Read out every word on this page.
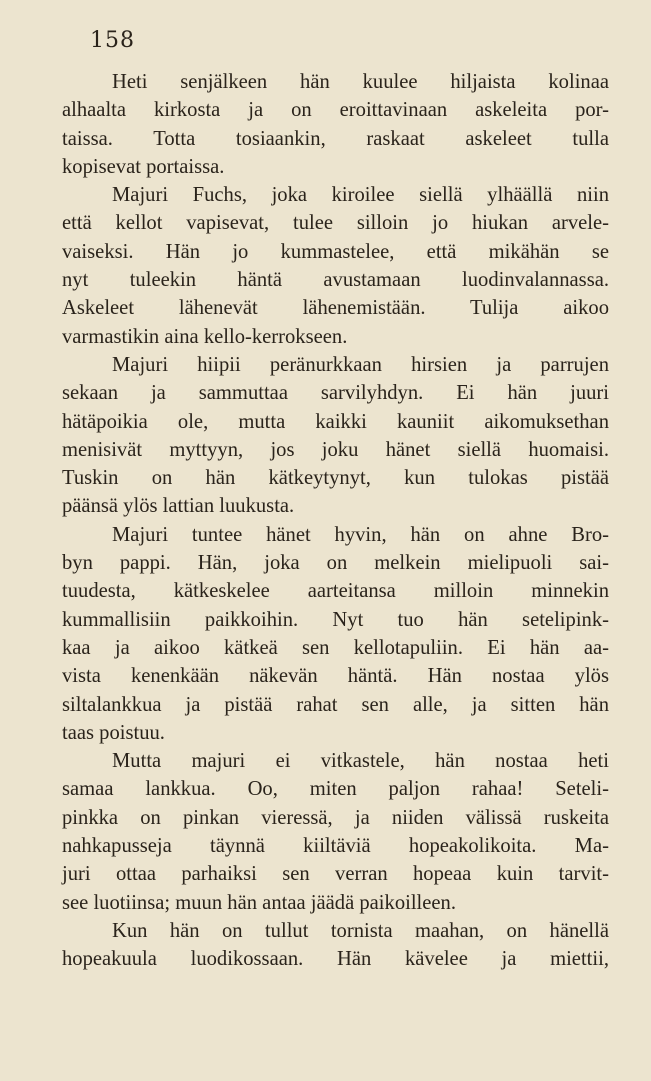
158
Heti senjälkeen hän kuulee hiljaista kolinaa
alhaalta kirkosta ja on eroittavinaan askeleita por-
taissa. Totta tosiaankin, raskaat askeleet tulla
kopisevat portaissa.
Majuri Fuchs, joka kiroilee siellä ylhäällä niin
että kellot vapisevat, tulee silloin jo hiukan arvele-
vaiseksi. Hän jo kummastelee, että mikähän se
nyt tuleekin häntä avustamaan luodinvalannassa.
Askeleet lähenevät lähenemistään. Tulija aikoo
varmastikin aina kello-kerrokseen.
Majuri hiipii peränurkkaan hirsien ja parrujen
sekaan ja sammuttaa sarvilyhdyn. Ei hän juuri
hätäpoikia ole, mutta kaikki kauniit aikomuksethan
menisivät myttyyn, jos joku hänet siellä huomaisi.
Tuskin on hän kätkeytynyt, kun tulokas pistää
päänsä ylös lattian luukusta.
Majuri tuntee hänet hyvin, hän on ahne Bro-
byn pappi. Hän, joka on melkein mielipuoli sai-
tuudesta, kätkeskelee aarteitansa milloin minnekin
kummallisiin paikkoihin. Nyt tuo hän setelipink-
kaa ja aikoo kätkeä sen kellotapuliin. Ei hän aa-
vista kenenkään näkevän häntä. Hän nostaa ylös
siltalankkua ja pistää rahat sen alle, ja sitten hän
taas poistuu.
Mutta majuri ei vitkastele, hän nostaa heti
samaa lankkua. Oo, miten paljon rahaa! Seteli-
pinkka on pinkan vieressä, ja niiden välissä ruskeita
nahkapusseja täynnä kiiltäviä hopeakolikoita. Ma-
juri ottaa parhaiksi sen verran hopeaa kuin tarvit-
see luotiinsa; muun hän antaa jäädä paikoilleen.
Kun hän on tullut tornista maahan, on hänellä
hopeakuula luodikossaan. Hän kävelee ja miettii,
